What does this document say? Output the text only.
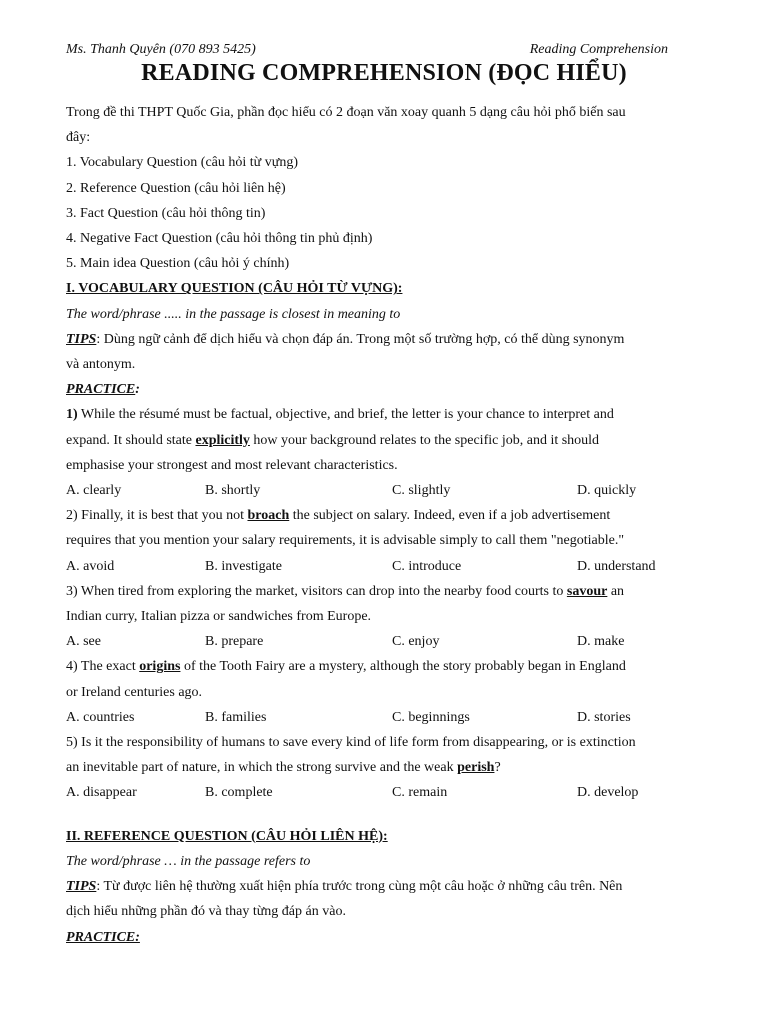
Ms. Thanh Quyên (070 893 5425)	Reading Comprehension
READING COMPREHENSION (ĐỌC HIỂU)
Trong đề thi THPT Quốc Gia, phần đọc hiểu có 2 đoạn văn xoay quanh 5 dạng câu hỏi phổ biến sau
đây:
1. Vocabulary Question (câu hỏi từ vựng)
2. Reference Question (câu hỏi liên hệ)
3. Fact Question (câu hỏi thông tin)
4. Negative Fact Question (câu hỏi thông tin phủ định)
5. Main idea Question (câu hỏi ý chính)
I. VOCABULARY QUESTION (CÂU HỎI TỪ VỰNG):
The word/phrase ..... in the passage is closest in meaning to
TIPS: Dùng ngữ cảnh để dịch hiểu và chọn đáp án. Trong một số trường hợp, có thể dùng synonym
và antonym.
PRACTICE:
1) While the résumé must be factual, objective, and brief, the letter is your chance to interpret and
expand. It should state explicitly how your background relates to the specific job, and it should
emphasise your strongest and most relevant characteristics.
A. clearly	B. shortly	C. slightly	D. quickly
2) Finally, it is best that you not broach the subject on salary. Indeed, even if a job advertisement
requires that you mention your salary requirements, it is advisable simply to call them "negotiable."
A. avoid	B. investigate	C. introduce	D. understand
3) When tired from exploring the market, visitors can drop into the nearby food courts to savour an
Indian curry, Italian pizza or sandwiches from Europe.
A. see	B. prepare	C. enjoy	D. make
4) The exact origins of the Tooth Fairy are a mystery, although the story probably began in England
or Ireland centuries ago.
A. countries	B. families	C. beginnings	D. stories
5) Is it the responsibility of humans to save every kind of life form from disappearing, or is extinction
an inevitable part of nature, in which the strong survive and the weak perish?
A. disappear	B. complete	C. remain	D. develop
II. REFERENCE QUESTION (CÂU HỎI LIÊN HỆ):
The word/phrase … in the passage refers to
TIPS: Từ được liên hệ thường xuất hiện phía trước trong cùng một câu hoặc ở những câu trên. Nên
dịch hiểu những phần đó và thay từng đáp án vào.
PRACTICE:
